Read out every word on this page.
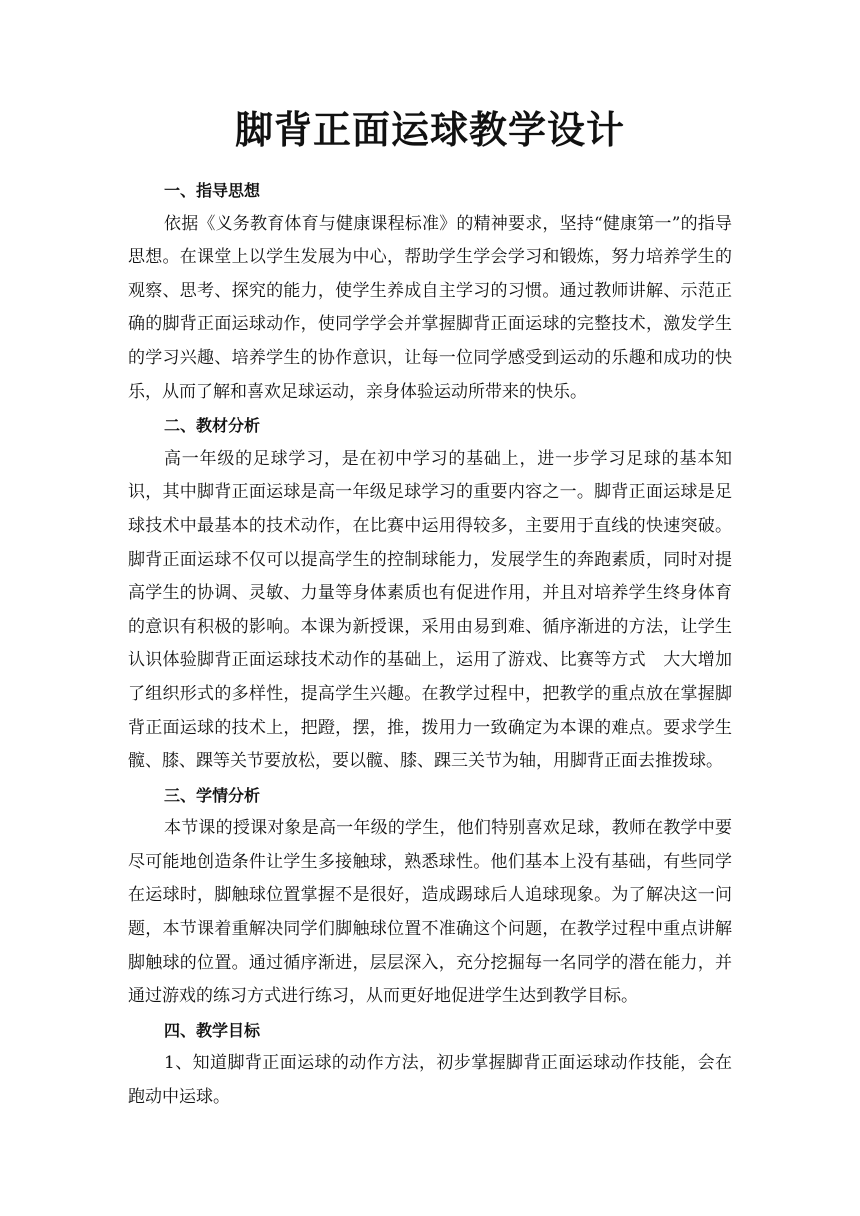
脚背正面运球教学设计

一、指导思想

依据《义务教育体育与健康课程标准》的精神要求，坚持“健康第一”的指导思想。在课堂上以学生发展为中心，帮助学生学会学习和锻炼，努力培养学生的观察、思考、探究的能力，使学生养成自主学习的习惯。通过教师讲解、示范正确的脚背正面运球动作，使同学学会并掌握脚背正面运球的完整技术，激发学生的学习兴趣、培养学生的协作意识，让每一位同学感受到运动的乐趣和成功的快乐，从而了解和喜欢足球运动，亲身体验运动所带来的快乐。

二、教材分析

高一年级的足球学习，是在初中学习的基础上，进一步学习足球的基本知识，其中脚背正面运球是高一年级足球学习的重要内容之一。脚背正面运球是足球技术中最基本的技术动作，在比赛中运用得较多，主要用于直线的快速突破。脚背正面运球不仅可以提高学生的控制球能力，发展学生的奔跑素质，同时对提高学生的协调、灵敏、力量等身体素质也有促进作用，并且对培养学生终身体育的意识有积极的影响。本课为新授课，采用由易到难、循序渐进的方法，让学生认识体验脚背正面运球技术动作的基础上，运用了游戏、比赛等方式　大大增加了组织形式的多样性，提高学生兴趣。在教学过程中，把教学的重点放在掌握脚背正面运球的技术上，把蹬，摆，推，拨用力一致确定为本课的难点。要求学生髋、膝、踝等关节要放松，要以髋、膝、踝三关节为轴，用脚背正面去推拨球。

三、学情分析

本节课的授课对象是高一年级的学生，他们特别喜欢足球，教师在教学中要尽可能地创造条件让学生多接触球，熟悉球性。他们基本上没有基础，有些同学在运球时，脚触球位置掌握不是很好，造成踢球后人追球现象。为了解决这一问题，本节课着重解决同学们脚触球位置不准确这个问题，在教学过程中重点讲解脚触球的位置。通过循序渐进，层层深入，充分挖掘每一名同学的潜在能力，并通过游戏的练习方式进行练习，从而更好地促进学生达到教学目标。

四、教学目标

1、知道脚背正面运球的动作方法，初步掌握脚背正面运球动作技能，会在跑动中运球。
